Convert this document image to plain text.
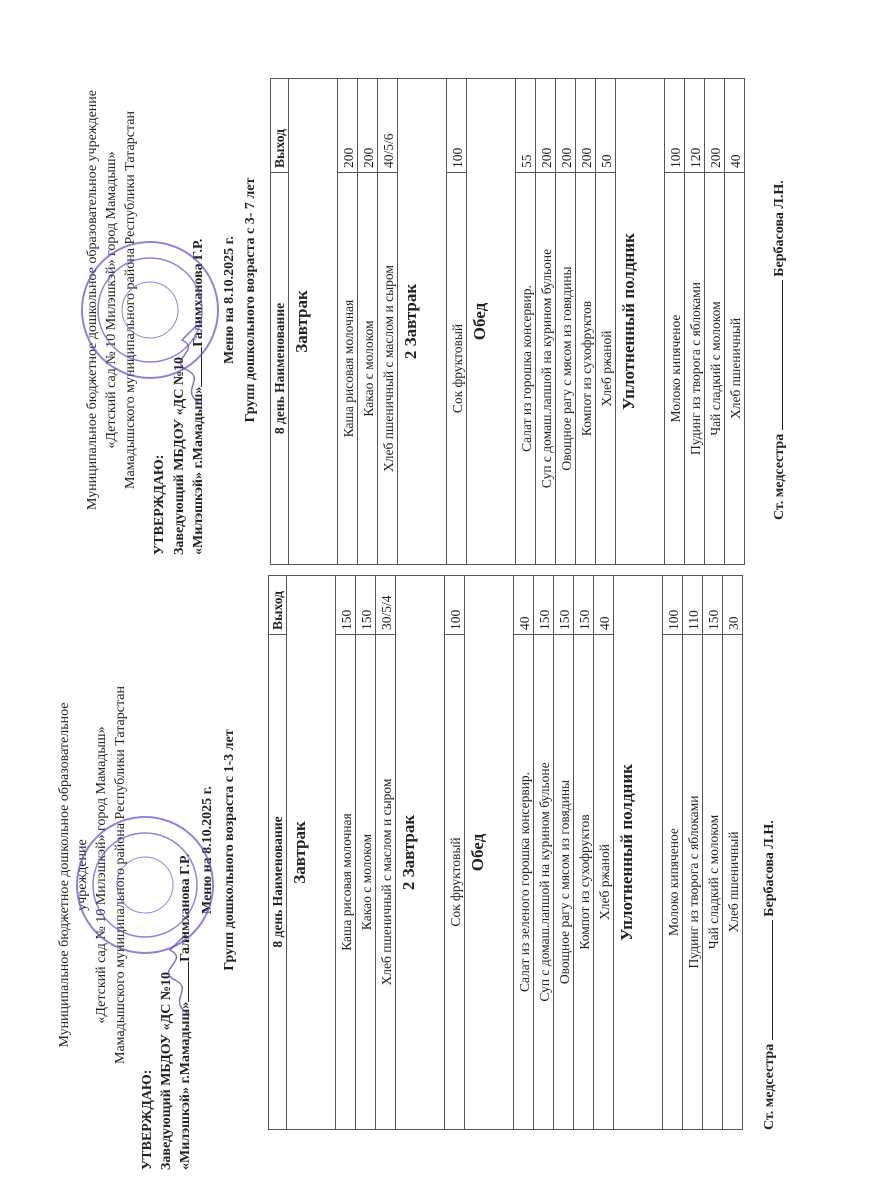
Муниципальное бюджетное дошкольное образовательное учреждение «Детский сад № 10 Милэшкэй» город Мамадыш» Мамадышского муниципального района Республики Татарстан
УТВЕРЖДАЮ: Заведующий МБДОУ «ДС №10 «Милэшкэй» г.Мамадыш»Галимханова Г.Р. Меню на 8.10.2025 г. Групп дошкольного возраста с 1-3 лет 8 день Наименование	Выход
Завтрак	
Каша рисовая молочная	150
Какао с молоком	150
Хлеб пшеничный с маслом и сыром	30/5/4
2 Завтрак	
Сок фруктовый	100
Обед	
Салат из зеленого горошка консервир.	40
Суп с домаш.лапшой на курином бульоне	150
Овощное рагу с мясом из говядины	150
Компот из сухофруктов	150
Хлеб ржаной	40
Уплотненный полдник	
Молоко кипяченое	100
Пудинг из творога с яблоками	110
Чай сладкий с молоком	150
Хлеб пшеничный	30
Ст. медсестра  Бербасова Л.Н.
Муниципальное бюджетное дошкольное образовательное учреждение «Детский сад № 10 Милэшкэй» город Мамадыш» Мамадышского муниципального района Республики Татарстан
УТВЕРЖДАЮ: Заведующий МБДОУ «ДС №10 «Милэшкэй» г.Мамадыш»Галимханова Г.Р. Меню на 8.10.2025 г. Групп дошкольного возраста с 3- 7 лет 8 день Наименование	Выход
Завтрак	
Каша рисовая молочная	200
Какао с молоком	200
Хлеб пшеничный с маслом и сыром	40/5/6
2 Завтрак	
Сок фруктовый	100
Обед	
Салат из горошка консервир.	55
Суп с домаш.лапшой на курином бульоне	200
Овощное рагу с мясом из говядины	200
Компот из сухофруктов	200
Хлеб ржаной	50
Уплотненный полдник	
Молоко кипяченое	100
Пудинг из творога с яблоками	120
Чай сладкий с молоком	200
Хлеб пшеничный	40
Ст. медсестра  Бербасова Л.Н.
